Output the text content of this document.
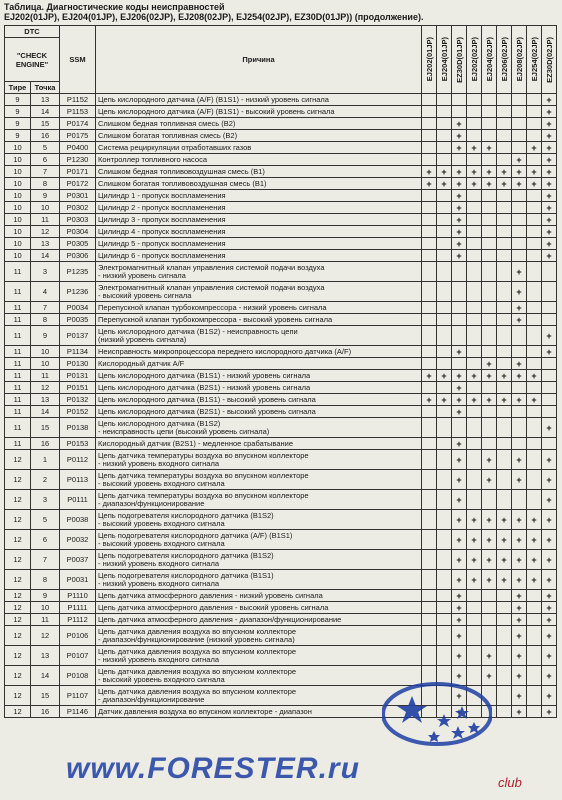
Таблица. Диагностические коды неисправностей
EJ202(01JP), EJ204(01JP), EJ206(02JP), EJ208(02JP), EJ254(02JP), EZ30D(01JP)) (продолжение).
DTC		SSM	Причина	EJ202(01JP)	EJ204(01JP)	EZ30D(01JP)	EJ202(02JP)	EJ204(02JP)	EJ206(02JP)	EJ208(02JP)	EJ254(02JP)	EZ30D(02JP)

"CHECK
ENGINE"												
Тире	Точка											
9	13	P1152	Цепь кислородного датчика (A/F) (B1S1) - низкий уровень сигнала									+
9	14	P1153	Цепь кислородного датчика (A/F) (B1S1) - высокий уровень сигнала									+
9	15	P0174	Слишком бедная топливная смесь (B2)			+						+
9	16	P0175	Слишком богатая топливная смесь (B2)			+						+
10	5	P0400	Система рециркуляции отработавших газов			+	+	+			+	+
10	6	P1230	Контроллер топливного насоса							+		+
10	7	P0171	Слишком бедная топливовоздушная смесь (B1)	+	+	+	+	+	+	+	+	+
10	8	P0172	Слишком богатая топливовоздушная смесь (B1)	+	+	+	+	+	+	+	+	+
10	9	P0301	Цилиндр 1 - пропуск воспламенения			+						+
10	10	P0302	Цилиндр 2 - пропуск воспламенения			+						+
10	11	P0303	Цилиндр 3 - пропуск воспламенения			+						+
10	12	P0304	Цилиндр 4 - пропуск воспламенения			+						+
10	13	P0305	Цилиндр 5 - пропуск воспламенения			+						+
10	14	P0306	Цилиндр 6 - пропуск воспламенения			+						+
11	3	P1235	Электромагнитный клапан управления системой подачи воздуха
- низкий уровень сигнала							+		
11	4	P1236	Электромагнитный клапан управления системой подачи воздуха
- высокий уровень сигнала							+		
11	7	P0034	Перепускной клапан турбокомпрессора - низкий уровень сигнала							+		
11	8	P0035	Перепускной клапан турбокомпрессора - высокий уровень сигнала							+		
11	9	P0137	Цепь кислородного датчика (B1S2) - неисправность цепи
(низкий уровень сигнала)									+
11	10	P1134	Неисправность микропроцессора переднего кислородного датчика (A/F)			+						+
11	10	P0130	Кислородный датчик A/F					+		+		
11	11	P0131	Цепь кислородного датчика (B1S1) - низкий уровень сигнала	+	+	+	+	+	+	+	+	
11	12	P0151	Цепь кислородного датчика (B2S1) - низкий уровень сигнала			+						
11	13	P0132	Цепь кислородного датчика (B1S1) - высокий уровень сигнала	+	+	+	+	+	+	+	+	
11	14	P0152	Цепь кислородного датчика (B2S1) - высокий уровень сигнала			+						
11	15	P0138	Цепь кислородного датчика (B1S2)
- неисправность цепи (высокий уровень сигнала)									+
11	16	P0153	Кислородный датчик (B2S1) - медленное срабатывание			+						
12	1	P0112	Цепь датчика температуры воздуха во впускном коллекторе
- низкий уровень входного сигнала			+		+		+		+
12	2	P0113	Цепь датчика температуры воздуха во впускном коллекторе
- высокий уровень входного сигнала			+		+		+		+
12	3	P0111	Цепь датчика температуры воздуха во впускном коллекторе
- диапазон/функционирование			+						+
12	5	P0038	Цепь подогревателя кислородного датчика (B1S2)
- высокий уровень входного сигнала			+	+	+	+	+	+	+
12	6	P0032	Цепь подогревателя кислородного датчика (A/F) (B1S1)
- высокий уровень входного сигнала			+	+	+	+	+	+	+
12	7	P0037	Цепь подогревателя кислородного датчика (B1S2)
- низкий уровень входного сигнала			+	+	+	+	+	+	+
12	8	P0031	Цепь подогревателя кислородного датчика (B1S1)
- низкий уровень входного сигнала			+	+	+	+	+	+	+
12	9	P1110	Цепь датчика атмосферного давления - низкий уровень сигнала			+				+		+
12	10	P1111	Цепь датчика атмосферного давления - высокий уровень сигнала			+				+		+
12	11	P1112	Цепь датчика атмосферного давления - диапазон/функционирование			+				+		+
12	12	P0106	Цепь датчика давления воздуха во впускном коллекторе
- диапазон/функционирование (низкий уровень сигнала)			+				+		+
12	13	P0107	Цепь датчика давления воздуха во впускном коллекторе
- низкий уровень входного сигнала			+		+		+		+
12	14	P0108	Цепь датчика давления воздуха во впускном коллекторе
- высокий уровень входного сигнала			+		+		+		+
12	15	P1107	Цепь датчика давления воздуха во впускном коллекторе
- диапазон/функционирование			+				+		+
12	16	P1146	Датчик давления воздуха во впускном коллекторе - диапазон							+		+
www.FORESTER.ru	club
